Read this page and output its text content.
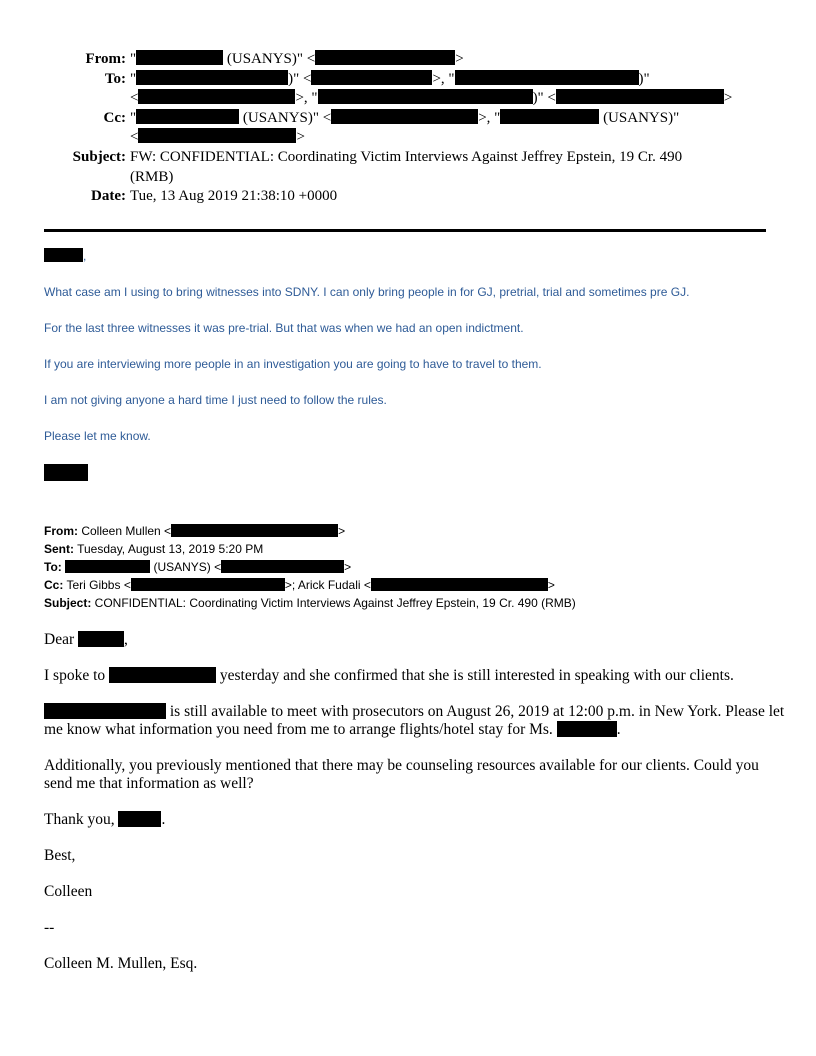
From: "	(USANYS)" <	>
To: "	)" <	>, "	)"
<	>, "	)" <	>
Cc: "	(USANYS)" <	>, "	(USANYS)"
<	>
Subject: FW: CONFIDENTIAL: Coordinating Victim Interviews Against Jeffrey Epstein, 19 Cr. 490
(RMB)
Date: Tue, 13 Aug 2019 21:38:10 +0000

,

What case am I using to bring witnesses into SDNY. I can only bring people in for GJ, pretrial, trial and sometimes pre GJ.

For the last three witnesses it was pre-trial. But that was when we had an open indictment.

If you are interviewing more people in an investigation you are going to have to travel to them.

I am not giving anyone a hard time I just need to follow the rules.

Please let me know.

From: Colleen Mullen <	>
Sent: Tuesday, August 13, 2019 5:20 PM
To:	(USANYS) <	>
Cc: Teri Gibbs <	>; Arick Fudali <	>
Subject: CONFIDENTIAL: Coordinating Victim Interviews Against Jeffrey Epstein, 19 Cr. 490 (RMB)

Dear	,

I spoke to	yesterday and she confirmed that she is still interested in speaking with our clients.

is still available to meet with prosecutors on August 26, 2019 at 12:00 p.m. in New York. Please let me know what information you need from me to arrange flights/hotel stay for Ms.	.

Additionally, you previously mentioned that there may be counseling resources available for our clients. Could you send me that information as well?

Thank you,	.

Best,

Colleen

--

Colleen M. Mullen, Esq.
